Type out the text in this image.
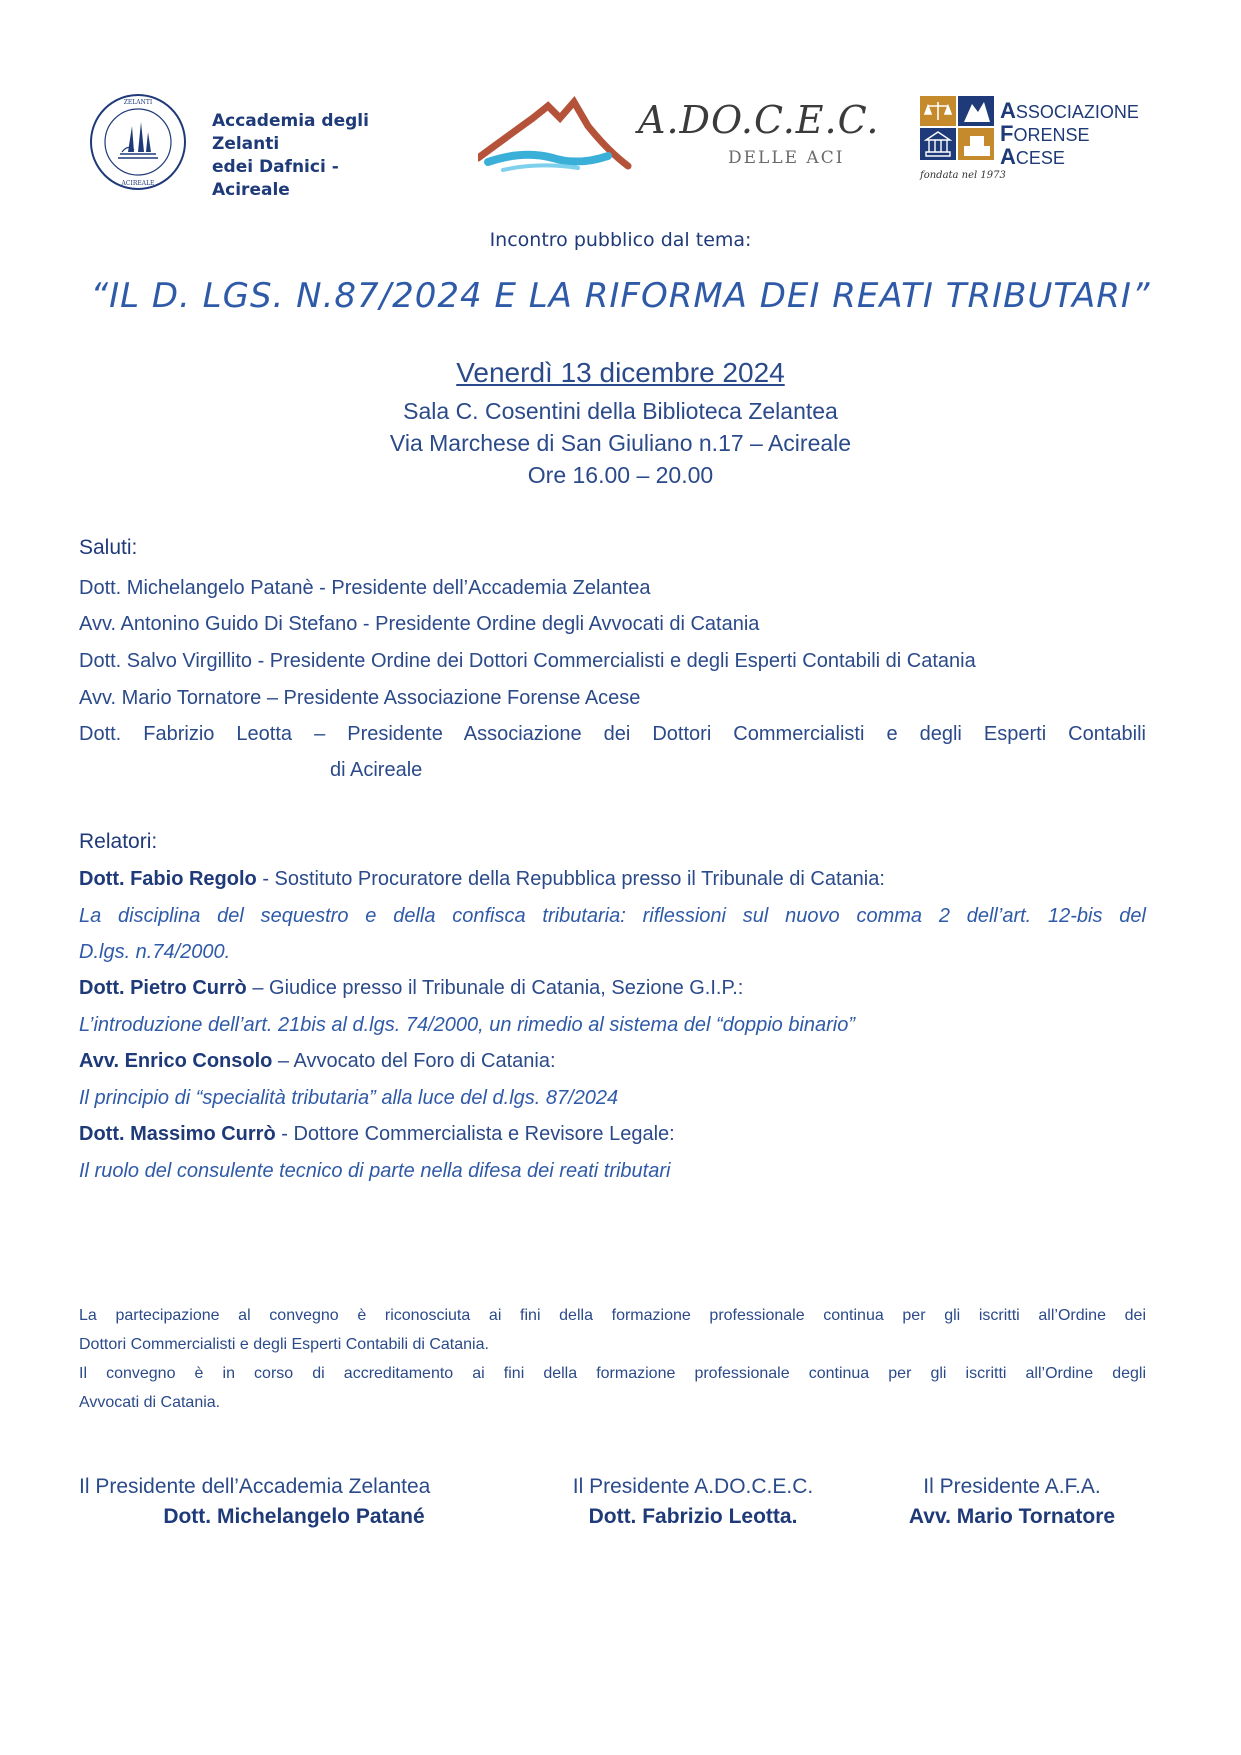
ZELANTI
ACIREALE
Accademia degli Zelanti
edei Dafnici - Acireale
A.DO.C.E.C.
DELLE ACI
ASSOCIAZIONE
FORENSE
ACESE
fondata nel 1973
Incontro pubblico dal tema:
“IL D. LGS. N.87/2024 E LA RIFORMA DEI REATI TRIBUTARI”
Venerdì 13 dicembre 2024
Sala C. Cosentini della Biblioteca Zelantea
Via Marchese di San Giuliano n.17 – Acireale
Ore 16.00 – 20.00
Saluti:
Dott. Michelangelo Patanè - Presidente dell’Accademia Zelantea
Avv. Antonino Guido Di Stefano - Presidente Ordine degli Avvocati di Catania
Dott. Salvo Virgillito - Presidente Ordine dei Dottori Commercialisti e degli Esperti Contabili di Catania
Avv. Mario Tornatore – Presidente Associazione Forense Acese
Dott. Fabrizio Leotta – Presidente Associazione dei Dottori Commercialisti e degli Esperti Contabili
di Acireale
Relatori:
Dott. Fabio Regolo - Sostituto Procuratore della Repubblica presso il Tribunale di Catania:
La disciplina del sequestro e della confisca tributaria: riflessioni sul nuovo comma 2 dell’art. 12-bis del
D.lgs. n.74/2000.
Dott. Pietro Currò – Giudice presso il Tribunale di Catania, Sezione G.I.P.:
L’introduzione dell’art. 21bis al d.lgs. 74/2000, un rimedio al sistema del “doppio binario”
Avv. Enrico Consolo – Avvocato del Foro di Catania:
Il principio di “specialità tributaria” alla luce del d.lgs. 87/2024
Dott. Massimo Currò - Dottore Commercialista e Revisore Legale:
Il ruolo del consulente tecnico di parte nella difesa dei reati tributari
La partecipazione al convegno è riconosciuta ai fini della formazione professionale continua per gli iscritti all’Ordine dei
Dottori Commercialisti e degli Esperti Contabili di Catania.
Il convegno è in corso di accreditamento ai fini della formazione professionale continua per gli iscritti all’Ordine degli
Avvocati di Catania.
Il Presidente dell’Accademia Zelantea
Dott. Michelangelo Patané
Il Presidente A.DO.C.E.C.
Dott. Fabrizio Leotta.
Il Presidente A.F.A.
Avv. Mario Tornatore
